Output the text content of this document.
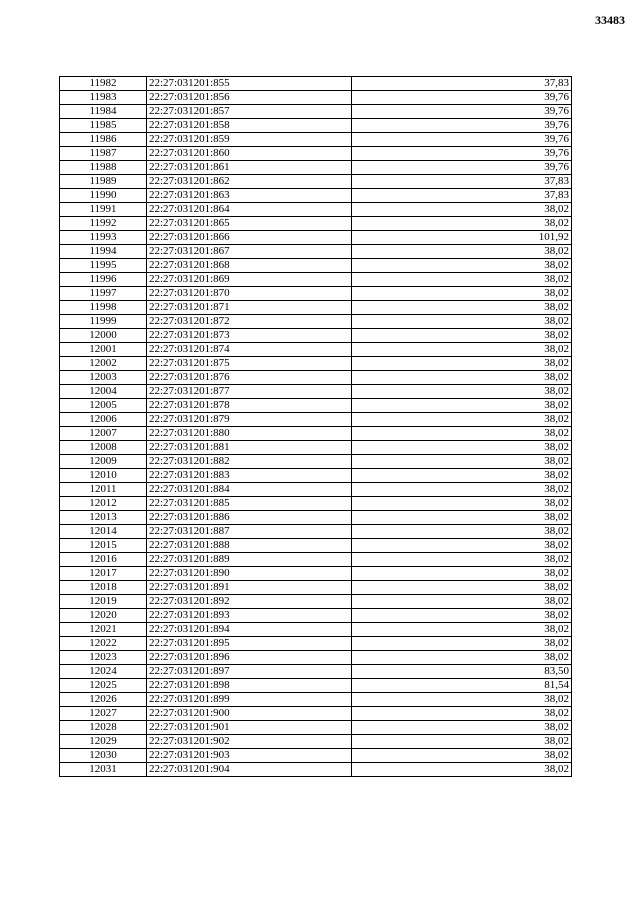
33483
11982	22:27:031201:855	37,83
11983	22:27:031201:856	39,76
11984	22:27:031201:857	39,76
11985	22:27:031201:858	39,76
11986	22:27:031201:859	39,76
11987	22:27:031201:860	39,76
11988	22:27:031201:861	39,76
11989	22:27:031201:862	37,83
11990	22:27:031201:863	37,83
11991	22:27:031201:864	38,02
11992	22:27:031201:865	38,02
11993	22:27:031201:866	101,92
11994	22:27:031201:867	38,02
11995	22:27:031201:868	38,02
11996	22:27:031201:869	38,02
11997	22:27:031201:870	38,02
11998	22:27:031201:871	38,02
11999	22:27:031201:872	38,02
12000	22:27:031201:873	38,02
12001	22:27:031201:874	38,02
12002	22:27:031201:875	38,02
12003	22:27:031201:876	38,02
12004	22:27:031201:877	38,02
12005	22:27:031201:878	38,02
12006	22:27:031201:879	38,02
12007	22:27:031201:880	38,02
12008	22:27:031201:881	38,02
12009	22:27:031201:882	38,02
12010	22:27:031201:883	38,02
12011	22:27:031201:884	38,02
12012	22:27:031201:885	38,02
12013	22:27:031201:886	38,02
12014	22:27:031201:887	38,02
12015	22:27:031201:888	38,02
12016	22:27:031201:889	38,02
12017	22:27:031201:890	38,02
12018	22:27:031201:891	38,02
12019	22:27:031201:892	38,02
12020	22:27:031201:893	38,02
12021	22:27:031201:894	38,02
12022	22:27:031201:895	38,02
12023	22:27:031201:896	38,02
12024	22:27:031201:897	83,50
12025	22:27:031201:898	81,54
12026	22:27:031201:899	38,02
12027	22:27:031201:900	38,02
12028	22:27:031201:901	38,02
12029	22:27:031201:902	38,02
12030	22:27:031201:903	38,02
12031	22:27:031201:904	38,02
